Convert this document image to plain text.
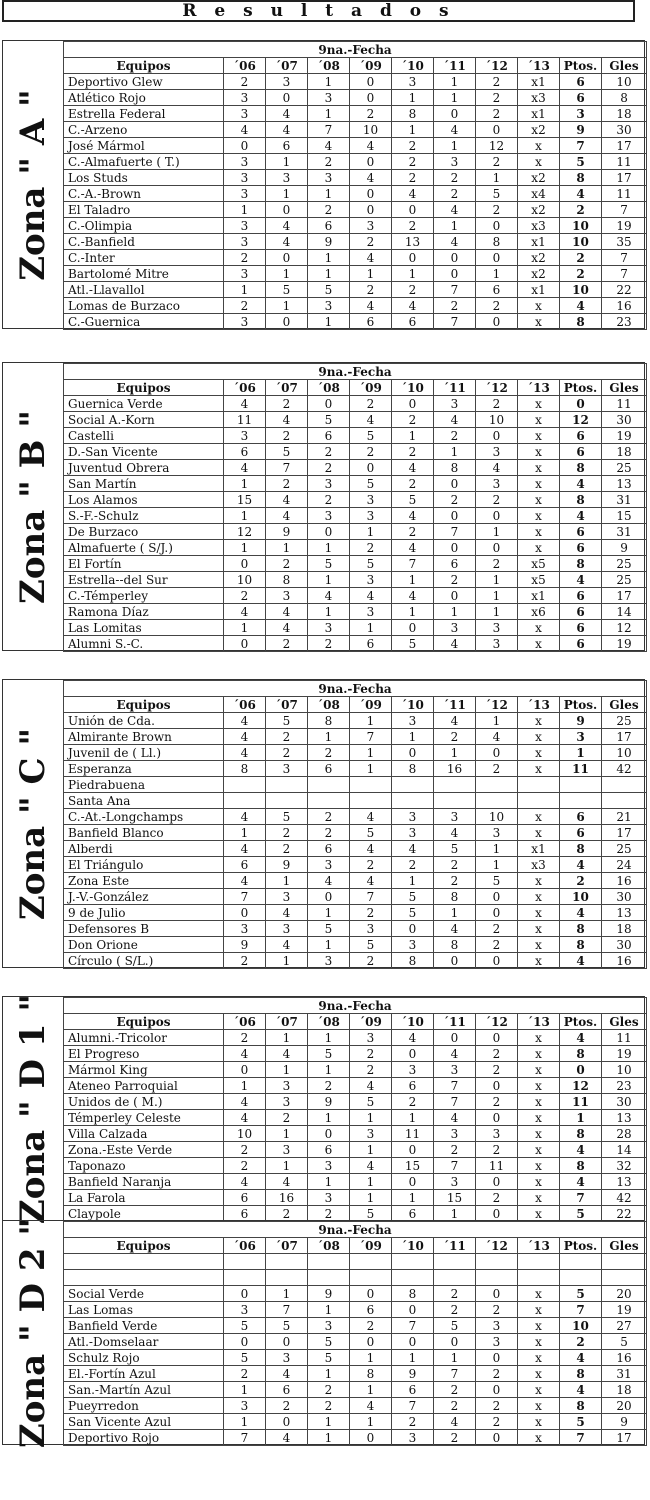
R e s u l t a d o s
Zona " A "
9na.-Fecha										
Equipos	´06	´07	´08	´09	´10	´11	´12	´13	Ptos.	Gles
Deportivo Glew	2	3	1	0	3	1	2	x1	6	10
Atlético Rojo	3	0	3	0	1	1	2	x3	6	8
Estrella Federal	3	4	1	2	8	0	2	x1	3	18
C.-Arzeno	4	4	7	10	1	4	0	x2	9	30
José Mármol	0	6	4	4	2	1	12	x	7	17
C.-Almafuerte ( T.)	3	1	2	0	2	3	2	x	5	11
Los Studs	3	3	3	4	2	2	1	x2	8	17
C.-A.-Brown	3	1	1	0	4	2	5	x4	4	11
El Taladro	1	0	2	0	0	4	2	x2	2	7
C.-Olimpia	3	4	6	3	2	1	0	x3	10	19
C.-Banfield	3	4	9	2	13	4	8	x1	10	35
C.-Inter	2	0	1	4	0	0	0	x2	2	7
Bartolomé Mitre	3	1	1	1	1	0	1	x2	2	7
Atl.-Llavallol	1	5	5	2	2	7	6	x1	10	22
Lomas de Burzaco	2	1	3	4	4	2	2	x	4	16
C.-Guernica	3	0	1	6	6	7	0	x	8	23
Zona " B "
9na.-Fecha										
Equipos	´06	´07	´08	´09	´10	´11	´12	´13	Ptos.	Gles
Guernica Verde	4	2	0	2	0	3	2	x	0	11
Social A.-Korn	11	4	5	4	2	4	10	x	12	30
Castelli	3	2	6	5	1	2	0	x	6	19
D.-San Vicente	6	5	2	2	2	1	3	x	6	18
Juventud Obrera	4	7	2	0	4	8	4	x	8	25
San Martín	1	2	3	5	2	0	3	x	4	13
Los Alamos	15	4	2	3	5	2	2	x	8	31
S.-F.-Schulz	1	4	3	3	4	0	0	x	4	15
De Burzaco	12	9	0	1	2	7	1	x	6	31
Almafuerte ( S/J.)	1	1	1	2	4	0	0	x	6	9
El Fortín	0	2	5	5	7	6	2	x5	8	25
Estrella--del Sur	10	8	1	3	1	2	1	x5	4	25
C.-Témperley	2	3	4	4	4	0	1	x1	6	17
Ramona Díaz	4	4	1	3	1	1	1	x6	6	14
Las Lomitas	1	4	3	1	0	3	3	x	6	12
Alumni S.-C.	0	2	2	6	5	4	3	x	6	19
Zona " C "
9na.-Fecha										
Equipos	´06	´07	´08	´09	´10	´11	´12	´13	Ptos.	Gles
Unión de Cda.	4	5	8	1	3	4	1	x	9	25
Almirante Brown	4	2	1	7	1	2	4	x	3	17
Juvenil de ( Ll.)	4	2	2	1	0	1	0	x	1	10
Esperanza	8	3	6	1	8	16	2	x	11	42
Piedrabuena										
Santa Ana										
C.-At.-Longchamps	4	5	2	4	3	3	10	x	6	21
Banfield Blanco	1	2	2	5	3	4	3	x	6	17
Alberdi	4	2	6	4	4	5	1	x1	8	25
El Triángulo	6	9	3	2	2	2	1	x3	4	24
Zona Este	4	1	4	4	1	2	5	x	2	16
J.-V.-González	7	3	0	7	5	8	0	x	10	30
9 de Julio	0	4	1	2	5	1	0	x	4	13
Defensores B	3	3	5	3	0	4	2	x	8	18
Don Orione	9	4	1	5	3	8	2	x	8	30
Círculo ( S/L.)	2	1	3	2	8	0	0	x	4	16
Zona " D 1 "	9na.-Fecha										
Equipos	´06	´07	´08	´09	´10	´11	´12	´13	Ptos.	Gles
Alumni.-Tricolor	2	1	1	3	4	0	0	x	4	11
El Progreso	4	4	5	2	0	4	2	x	8	19
Mármol King	0	1	1	2	3	3	2	x	0	10
Ateneo Parroquial	1	3	2	4	6	7	0	x	12	23
Unidos de ( M.)	4	3	9	5	2	7	2	x	11	30
Témperley Celeste	4	2	1	1	1	4	0	x	1	13
Villa Calzada	10	1	0	3	11	3	3	x	8	28
Zona.-Este Verde	2	3	6	1	0	2	2	x	4	14
Taponazo	2	1	3	4	15	7	11	x	8	32
Banfield Naranja	4	4	1	1	0	3	0	x	4	13
La Farola	6	16	3	1	1	15	2	x	7	42
Claypole	6	2	2	5	6	1	0	x	5	22
Zona " D 2 "	9na.-Fecha										
Equipos	´06	´07	´08	´09	´10	´11	´12	´13	Ptos.	Gles

Social Verde	0	1	9	0	8	2	0	x	5	20
Las Lomas	3	7	1	6	0	2	2	x	7	19
Banfield Verde	5	5	3	2	7	5	3	x	10	27
Atl.-Domselaar	0	0	5	0	0	0	3	x	2	5
Schulz Rojo	5	3	5	1	1	1	0	x	4	16
El.-Fortín Azul	2	4	1	8	9	7	2	x	8	31
San.-Martín Azul	1	6	2	1	6	2	0	x	4	18
Pueyrredon	3	2	2	4	7	2	2	x	8	20
San Vicente Azul	1	0	1	1	2	4	2	x	5	9
Deportivo Rojo	7	4	1	0	3	2	0	x	7	17
